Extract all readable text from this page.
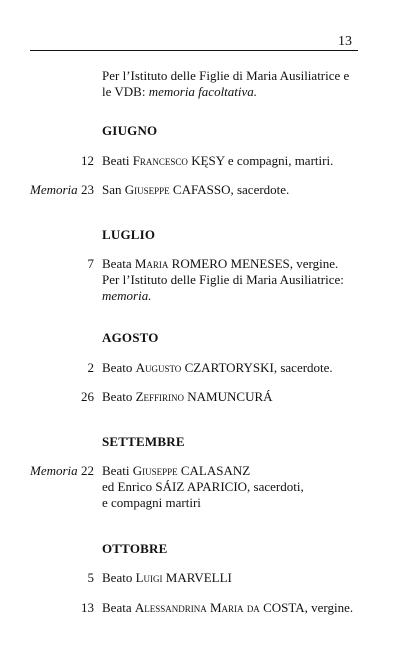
13
Per l’Istituto delle Figlie di Maria Ausiliatrice e
le VDB: memoria facoltativa.
GIUGNO
12 Beati Francesco KĘSY e compagni, martiri.
Memoria 23 San Giuseppe CAFASSO, sacerdote.
LUGLIO
7 Beata Maria ROMERO MENESES, vergine.
Per l’Istituto delle Figlie di Maria Ausiliatrice:
memoria.
AGOSTO
2 Beato Augusto CZARTORYSKI, sacerdote.
26 Beato Zeffirino NAMUNCURÁ
SETTEMBRE
Memoria 22 Beati Giuseppe CALASANZ
ed Enrico SÁIZ APARICIO, sacerdoti,
e compagni martiri
OTTOBRE
5 Beato Luigi MARVELLI
13 Beata Alessandrina Maria da COSTA, vergine.
